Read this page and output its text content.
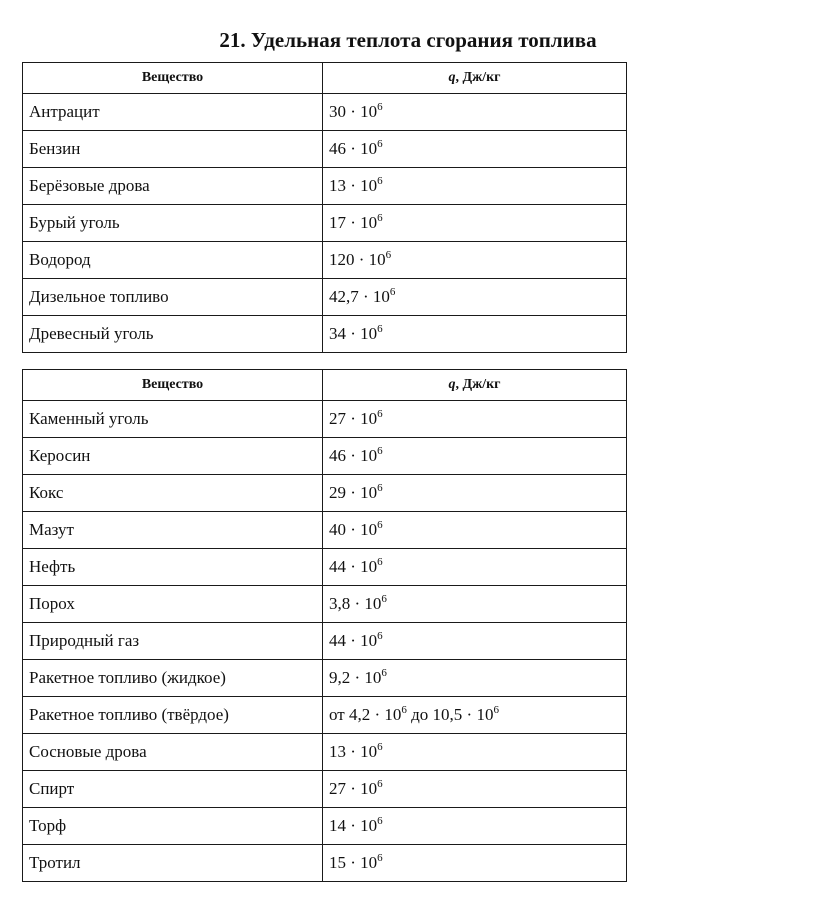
21. Удельная теплота сгорания топлива
Вещество	q, Дж/кг
Антрацит	$30 \cdot 10^6$
Бензин	$46 \cdot 10^6$
Берёзовые дрова	$13 \cdot 10^6$
Бурый уголь	$17 \cdot 10^6$
Водород	$120 \cdot 10^6$
Дизельное топливо	$42,7 \cdot 10^6$
Древесный уголь	$34 \cdot 10^6$
Вещество	q, Дж/кг
Каменный уголь	$27 \cdot 10^6$
Керосин	$46 \cdot 10^6$
Кокс	$29 \cdot 10^6$
Мазут	$40 \cdot 10^6$
Нефть	$44 \cdot 10^6$
Порох	$3,8 \cdot 10^6$
Природный газ	$44 \cdot 10^6$
Ракетное топливо (жидкое)	$9,2 \cdot 10^6$
Ракетное топливо (твёрдое)	от $4,2 \cdot 10^6$ до $10,5 \cdot 10^6$
Сосновые дрова	$13 \cdot 10^6$
Спирт	$27 \cdot 10^6$
Торф	$14 \cdot 10^6$
Тротил	$15 \cdot 10^6$
